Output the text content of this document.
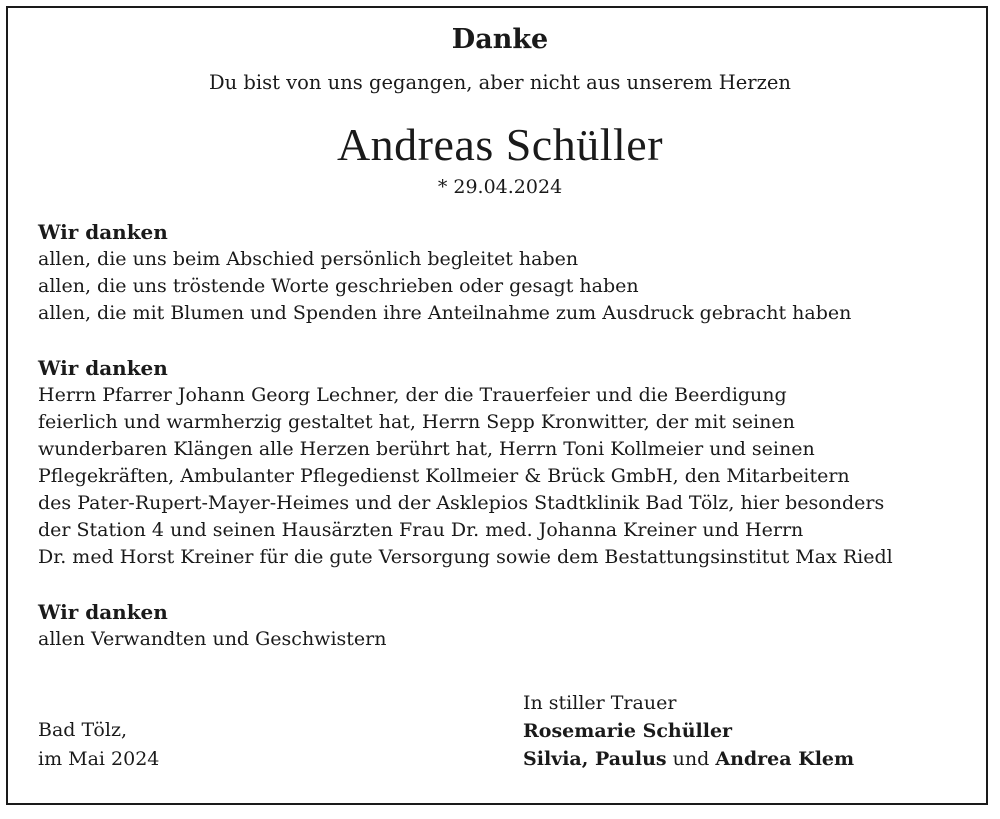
Danke
Du bist von uns gegangen, aber nicht aus unserem Herzen
Andreas Schüller
* 29.04.2024
Wir danken
allen, die uns beim Abschied persönlich begleitet haben
allen, die uns tröstende Worte geschrieben oder gesagt haben
allen, die mit Blumen und Spenden ihre Anteilnahme zum Ausdruck gebracht haben
Wir danken
Herrn Pfarrer Johann Georg Lechner, der die Trauerfeier und die Beerdigung
feierlich und warmherzig gestaltet hat, Herrn Sepp Kronwitter, der mit seinen
wunderbaren Klängen alle Herzen berührt hat, Herrn Toni Kollmeier und seinen
Pflegekräften, Ambulanter Pflegedienst Kollmeier & Brück GmbH, den Mitarbeitern
des Pater-Rupert-Mayer-Heimes und der Asklepios Stadtklinik Bad Tölz, hier besonders
der Station 4 und seinen Hausärzten Frau Dr. med. Johanna Kreiner und Herrn
Dr. med Horst Kreiner für die gute Versorgung sowie dem Bestattungsinstitut Max Riedl
Wir danken
allen Verwandten und Geschwistern
Bad Tölz,
im Mai 2024
In stiller Trauer
Rosemarie Schüller
Silvia, Paulus und Andrea Klem
